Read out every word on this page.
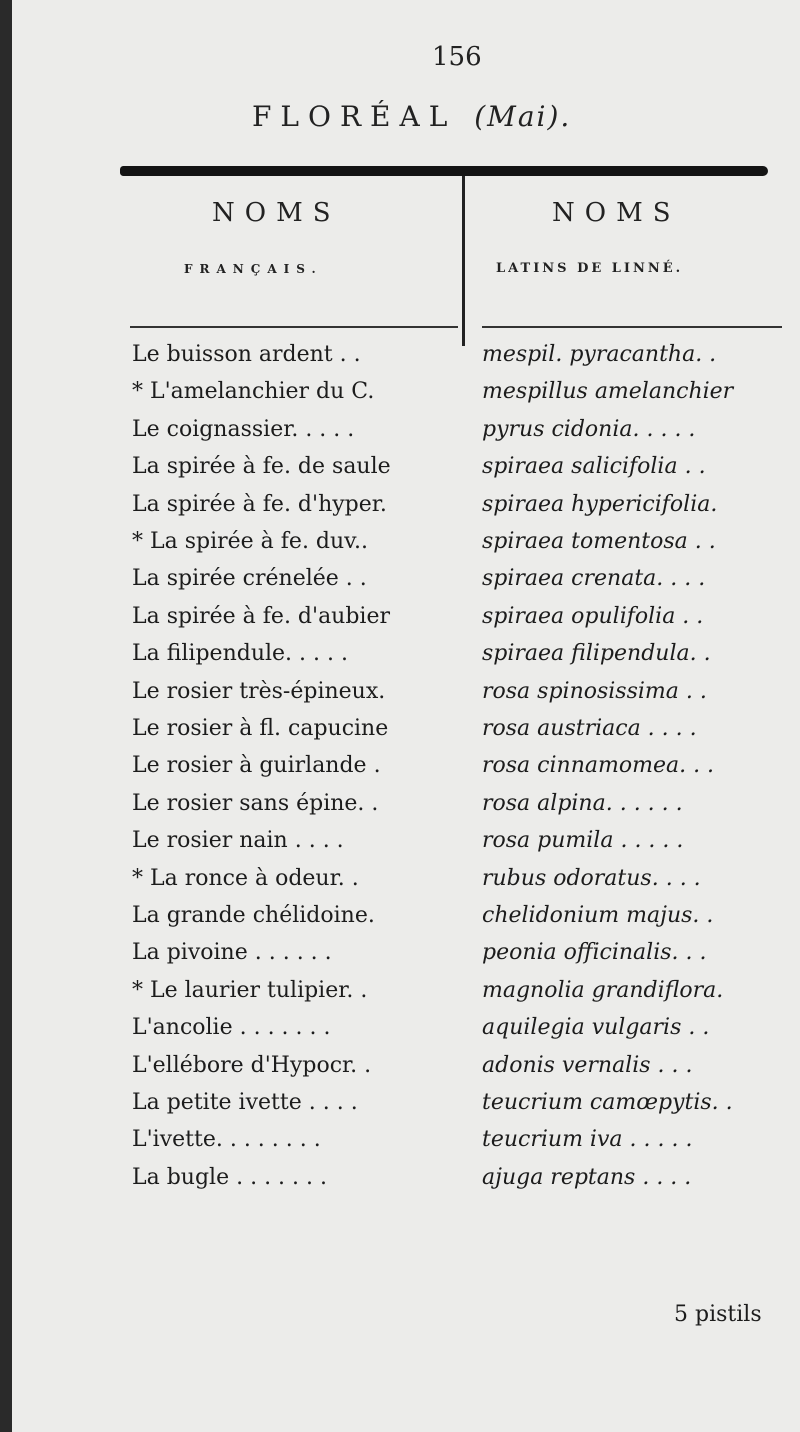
156
FLORÉAL (Mai).
NOMS
FRANÇAIS.
NOMS
LATINS DE LINNÉ.
Le buisson ardent . .	mespil. pyracantha. .
* L'amelanchier du C.	mespillus amelanchier
Le coignassier. . . . .	pyrus cidonia. . . . .
La spirée à fe. de saule	spiraea salicifolia . .
La spirée à fe. d'hyper.	spiraea hypericifolia.
* La spirée à fe. duv..	spiraea tomentosa . .
La spirée crénelée . .	spiraea crenata. . . .
La spirée à fe. d'aubier	spiraea opulifolia . .
La filipendule. . . . .	spiraea filipendula. .
Le rosier très-épineux.	rosa spinosissima . .
Le rosier à fl. capucine	rosa austriaca . . . .
Le rosier à guirlande .	rosa cinnamomea. . .
Le rosier sans épine. .	rosa alpina. . . . . .
Le rosier nain . . . .	rosa pumila . . . . .
* La ronce à odeur. .	rubus odoratus. . . .
La grande chélidoine.	chelidonium majus. .
La pivoine . . . . . .	peonia officinalis. . .
* Le laurier tulipier. .	magnolia grandiflora.
L'ancolie . . . . . . .	aquilegia vulgaris . .
L'ellébore d'Hypocr. .	adonis vernalis . . .
La petite ivette . . . .	teucrium camœpytis. .
L'ivette. . . . . . . .	teucrium iva . . . . .
La bugle . . . . . . .	ajuga reptans . . . .
5 pistils
